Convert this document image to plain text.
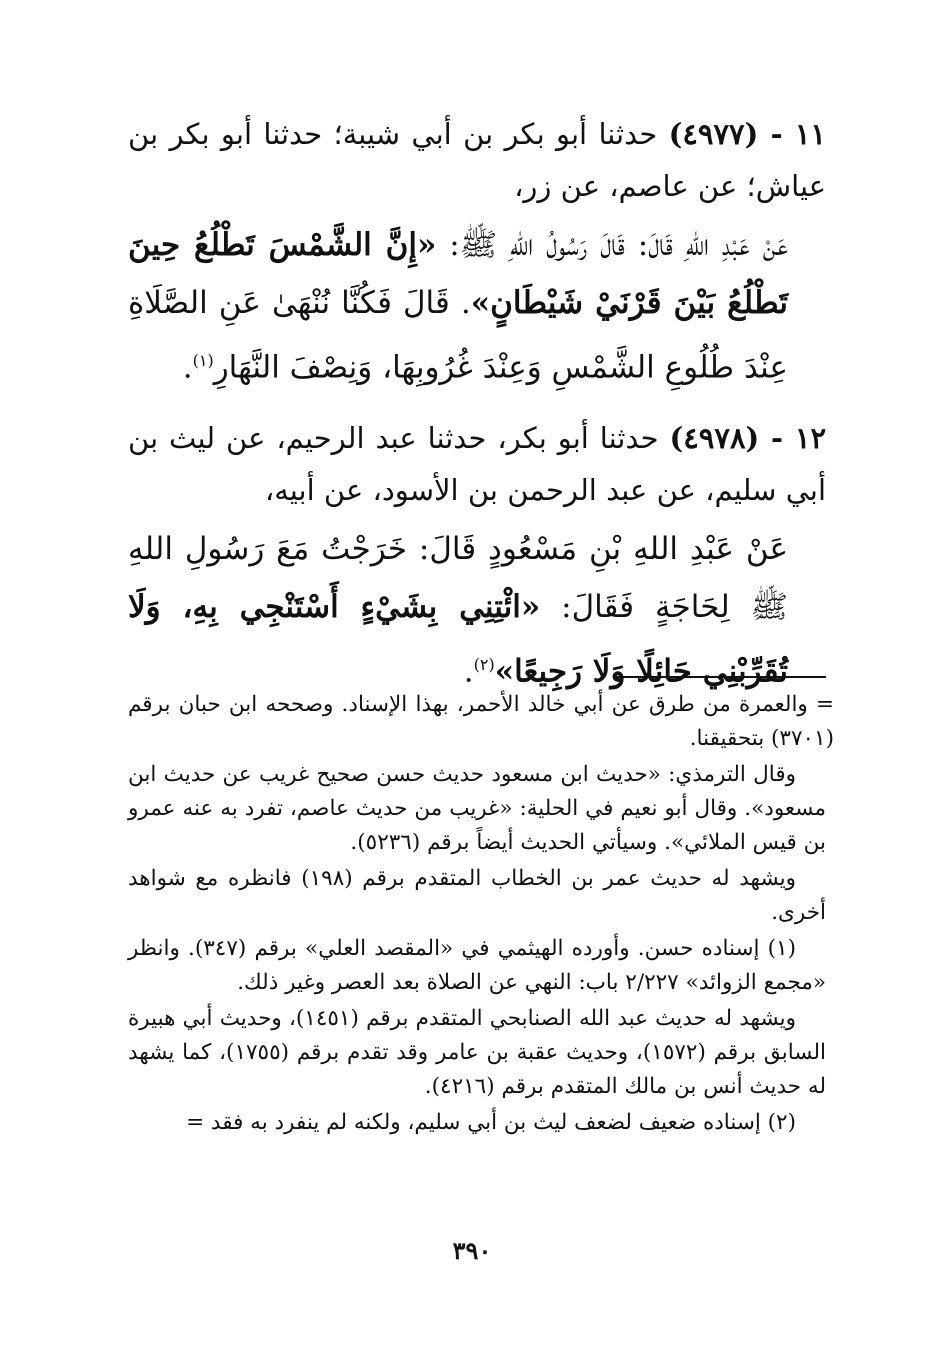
١١ - (٤٩٧٧) حدثنا أبو بكر بن أبي شيبة؛ حدثنا أبو بكر بن عياش؛ عن عاصم، عن زر،

عَنْ عَبْدِ اللهِ قَالَ: قَالَ رَسُولُ اللهِ ﷺ: «إِنَّ الشَّمْسَ تَطْلُعُ حِينَ تَطْلُعُ بَيْنَ قَرْنَيْ شَيْطَانٍ». قَالَ فَكُنَّا نُنْهَىٰ عَنِ الصَّلَاةِ عِنْدَ طُلُوعِ الشَّمْسِ وَعِنْدَ غُرُوبِهَا، وَنِصْفَ النَّهَارِ$^{(١)}$.

١٢ - (٤٩٧٨) حدثنا أبو بكر، حدثنا عبد الرحيم، عن ليث بن أبي سليم، عن عبد الرحمن بن الأسود، عن أبيه،

عَنْ عَبْدِ اللهِ بْنِ مَسْعُودٍ قَالَ: خَرَجْتُ مَعَ رَسُولِ اللهِ ﷺ لِحَاجَةٍ فَقَالَ: «ائْتِنِي بِشَيْءٍ أَسْتَنْجِي بِهِ، وَلَا تُقَرِّبْنِي حَائِلًا وَلَا رَجِيعًا»$^{(٢)}$.

= والعمرة من طرق عن أبي خالد الأحمر، بهذا الإسناد. وصححه ابن حبان برقم (٣٧٠١) بتحقيقنا.

وقال الترمذي: «حديث ابن مسعود حديث حسن صحيح غريب عن حديث ابن مسعود». وقال أبو نعيم في الحلية: «غريب من حديث عاصم، تفرد به عنه عمرو بن قيس الملائي». وسيأتي الحديث أيضاً برقم (٥٢٣٦).

ويشهد له حديث عمر بن الخطاب المتقدم برقم (١٩٨) فانظره مع شواهد أخرى.

(١) إسناده حسن. وأورده الهيثمي في «المقصد العلي» برقم (٣٤٧). وانظر «مجمع الزوائد» ٢/٢٢٧ باب: النهي عن الصلاة بعد العصر وغير ذلك.

ويشهد له حديث عبد الله الصنابحي المتقدم برقم (١٤٥١)، وحديث أبي هبيرة السابق برقم (١٥٧٢)، وحديث عقبة بن عامر وقد تقدم برقم (١٧٥٥)، كما يشهد له حديث أنس بن مالك المتقدم برقم (٤٢١٦).

(٢) إسناده ضعيف لضعف ليث بن أبي سليم، ولكنه لم ينفرد به فقد =

٣٩٠
